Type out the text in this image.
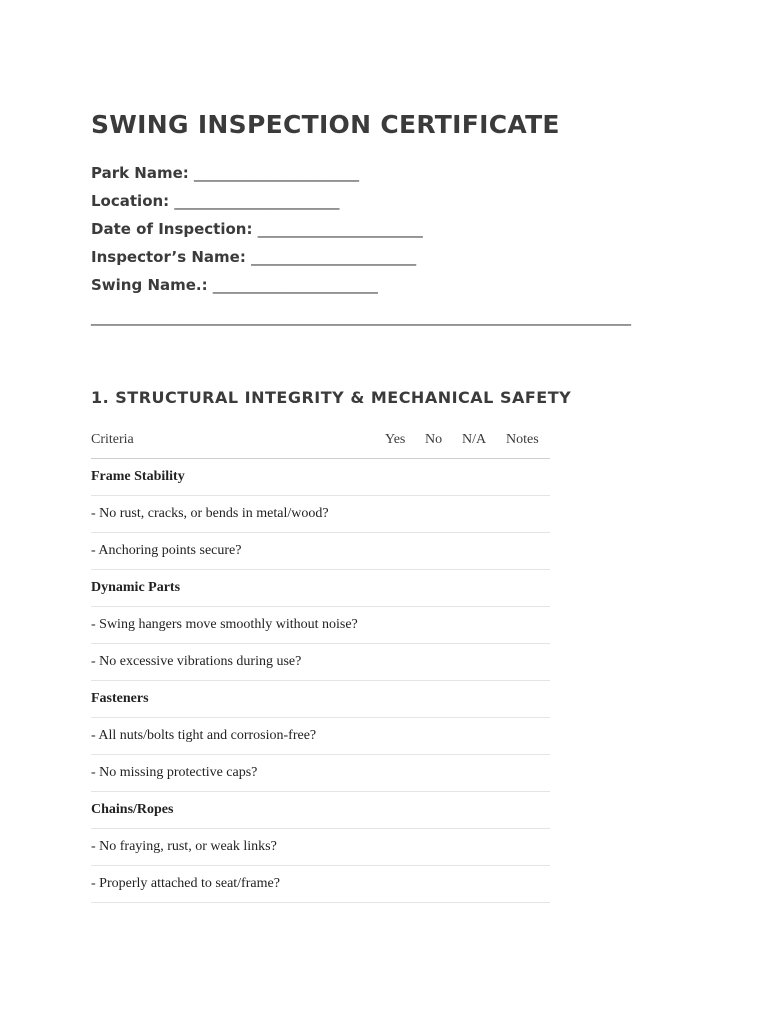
SWING INSPECTION CERTIFICATE
Park Name: ______________________
Location: ______________________
Date of Inspection: ______________________
Inspector’s Name: ______________________
Swing Name.: ______________________
________________________________________________________________________
1. STRUCTURAL INTEGRITY & MECHANICAL SAFETY
Criteria	Yes	No	N/A	Notes
Frame Stability				
- No rust, cracks, or bends in metal/wood?				
- Anchoring points secure?				
Dynamic Parts				
- Swing hangers move smoothly without noise?				
- No excessive vibrations during use?				
Fasteners				
- All nuts/bolts tight and corrosion-free?				
- No missing protective caps?				
Chains/Ropes				
- No fraying, rust, or weak links?				
- Properly attached to seat/frame?				
